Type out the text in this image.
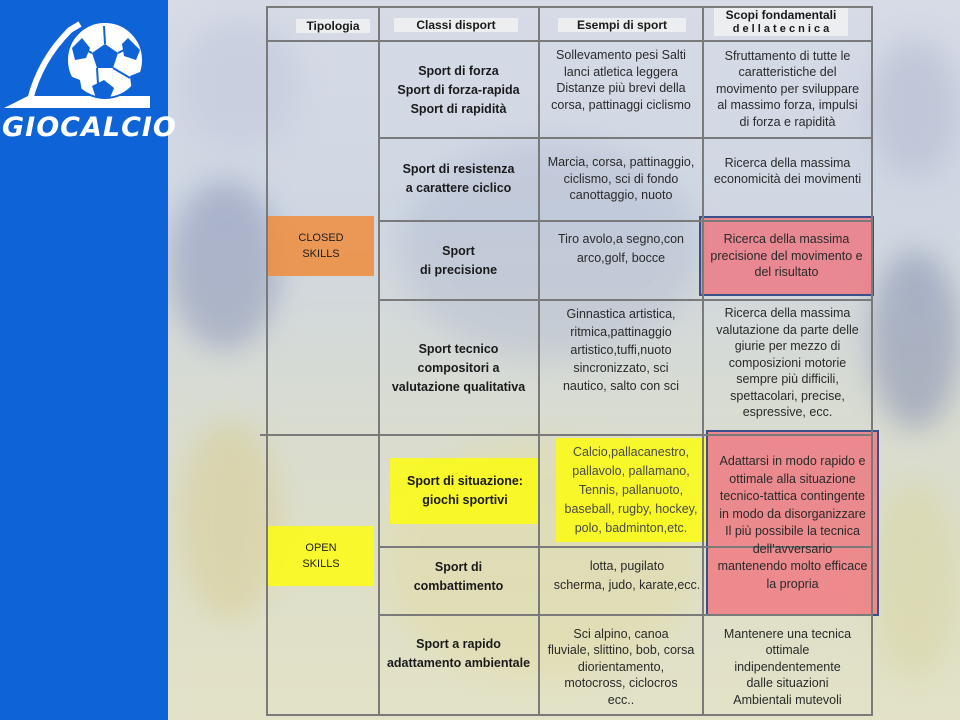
GIOCALCIO
CLOSED
SKILLS
OPEN
SKILLS
Tipologia	Classi disport	Esempi di sport
Scopi fondamentali
d e l l a t e c n i c a
Sport di forza
Sport di forza-rapida
Sport di rapidità
Sollevamento pesi Salti
lanci atletica leggera
Distanze più brevi della
corsa, pattinaggi ciclismo
Sfruttamento di tutte le
caratteristiche del
movimento per sviluppare
al massimo forza, impulsi
di forza e rapidità
Sport di resistenza
a carattere ciclico
Marcia, corsa, pattinaggio,
ciclismo, sci di fondo
canottaggio, nuoto
Ricerca della massima
economicità dei movimenti
Sport
di precisione
Tiro avolo,a segno,con
arco,golf, bocce
Ricerca della massima
precisione del movimento e
del risultato
Sport tecnico
compositori a
valutazione qualitativa
Ginnastica artistica,
ritmica,pattinaggio
artistico,tuffi,nuoto
sincronizzato, sci
nautico, salto con sci
Ricerca della massima
valutazione da parte delle
giurie per mezzo di
composizioni motorie
sempre più difficili,
spettacolari, precise,
espressive, ecc.
Sport di situazione:
giochi sportivi
Calcio,pallacanestro,
pallavolo, pallamano,
Tennis, pallanuoto,
baseball, rugby, hockey,
polo, badminton,etc.
Adattarsi in modo rapido e
ottimale alla situazione
tecnico-tattica contingente
in modo da disorganizzare
Il più possibile la tecnica
dell'avversario
mantenendo molto efficace
la propria
Sport di
combattimento
lotta, pugilato
scherma, judo, karate,ecc.
Sport a rapido
adattamento ambientale
Sci alpino, canoa
fluviale, slittino, bob, corsa
diorientamento,
motocross, ciclocros
ecc..
Mantenere una tecnica
ottimale
indipendentemente
dalle situazioni
Ambientali mutevoli
